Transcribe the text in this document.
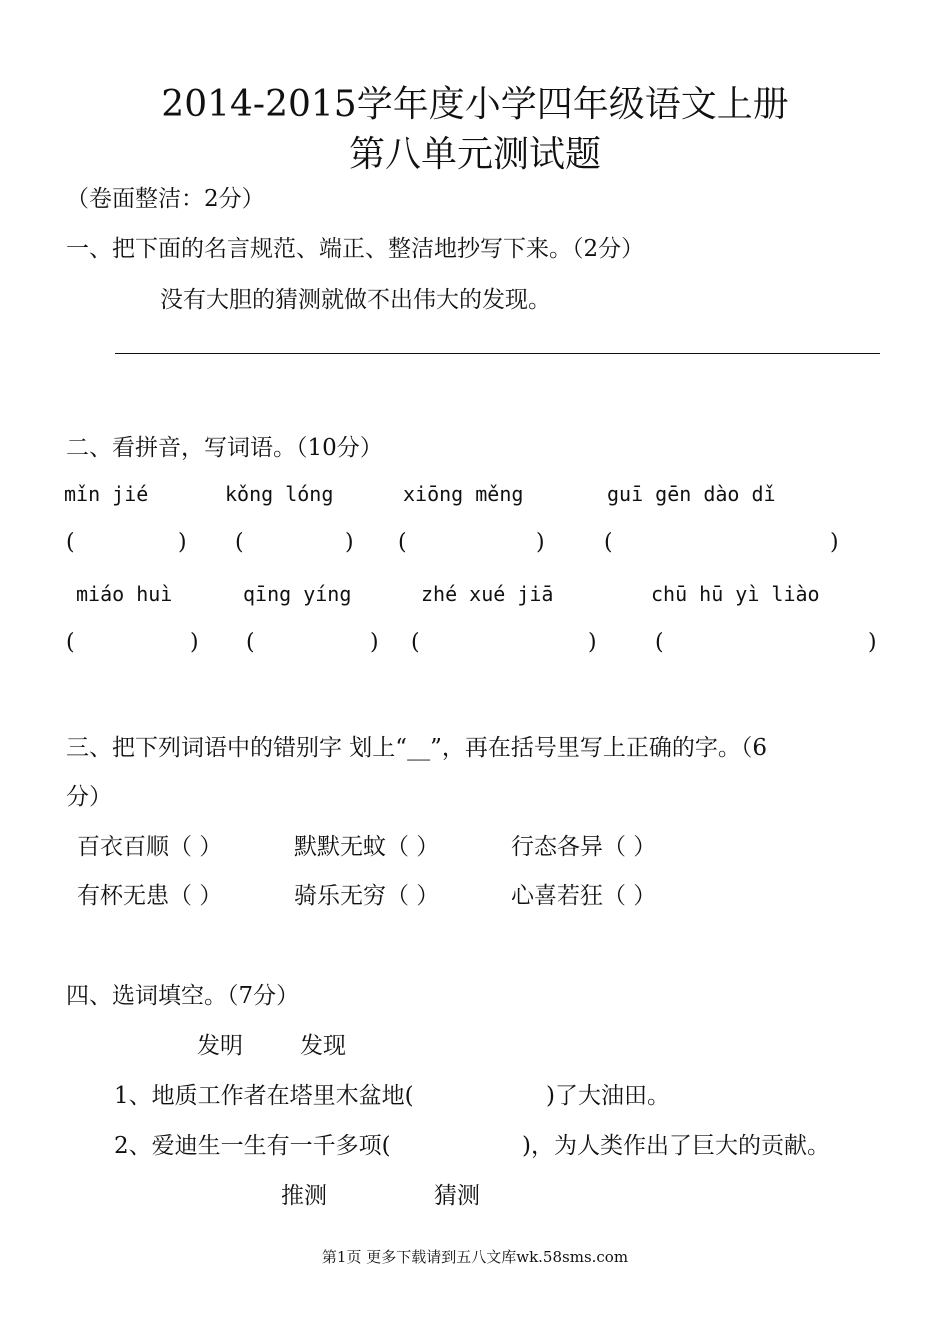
2014-2015学年度小学四年级语文上册
第八单元测试题
（卷面整洁：2分）
一、把下面的名言规范、端正、整洁地抄写下来。（2分）
没有大胆的猜测就做不出伟大的发现。
二、看拼音，写词语。（10分）
mǐn jié	kǒng lóng	xiōng měng	guī gēn dào dǐ
(	) (	) (	)	(	)
miáo huì	qīng yíng	zhé xué jiā	chū hū yì liào
(	) (	) (	)	(	)
三、把下列词语中的错别字 划上“__”，再在括号里写上正确的字。（6
分）
百衣百顺（ ）	默默无蚊（ ）	行态各异（ ）
有杯无患（ ）	骑乐无穷（ ）	心喜若狂（ ）
四、选词填空。（7分）
发明 发现
1、地质工作者在塔里木盆地(	)了大油田。
2、爱迪生一生有一千多项(	)，为人类作出了巨大的贡献。
推测	猜测
第1页 更多下载请到五八文库wk.58sms.com
